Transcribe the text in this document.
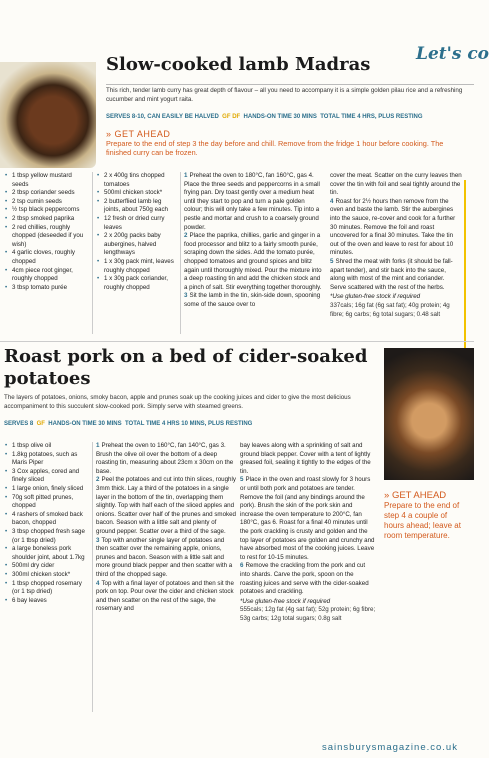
Let's co
Slow-cooked lamb Madras
This rich, tender lamb curry has great depth of flavour – all you need to accompany it is a simple golden pilau rice and a refreshing cucumber and mint yogurt raita.
SERVES 8-10, CAN EASILY BE HALVED GF DF HANDS-ON TIME 30 MINS TOTAL TIME 4 HRS, PLUS RESTING
» GET AHEAD
Prepare to the end of step 3 the day before and chill. Remove from the fridge 1 hour before cooking. The finished curry can be frozen.
• 1 tbsp yellow mustard seeds
• 2 tbsp coriander seeds
• 2 tsp cumin seeds
• ½ tsp black peppercorns
• 2 tbsp smoked paprika
• 2 red chillies, roughly chopped (deseeded if you wish)
• 4 garlic cloves, roughly chopped
• 4cm piece root ginger, roughly chopped
• 3 tbsp tomato purée
• 2 x 400g tins chopped tomatoes
• 500ml chicken stock*
• 2 butterflied lamb leg joints, about 750g each
• 12 fresh or dried curry leaves
• 2 x 200g packs baby aubergines, halved lengthways
• 1 x 30g pack mint, leaves roughly chopped
• 1 x 30g pack coriander, roughly chopped
1 Preheat the oven to 180°C, fan 160°C, gas 4. Place the three seeds and peppercorns in a small frying pan. Dry toast gently over a medium heat until they start to pop and turn a pale golden colour; this will only take a few minutes. Tip into a pestle and mortar and crush to a coarsely ground powder.
2 Place the paprika, chillies, garlic and ginger in a food processor and blitz to a fairly smooth purée, scraping down the sides. Add the tomato purée, chopped tomatoes and ground spices and blitz again until thoroughly mixed. Pour the mixture into a deep roasting tin and add the chicken stock and a pinch of salt. Stir everything together thoroughly.
3 Sit the lamb in the tin, skin-side down, spooning some of the sauce over to
cover the meat. Scatter on the curry leaves then cover the tin with foil and seal tightly around the tin.
4 Roast for 2½ hours then remove from the oven and baste the lamb. Stir the aubergines into the sauce, re-cover and cook for a further 30 minutes. Remove the foil and roast uncovered for a final 30 minutes. Take the tin out of the oven and leave to rest for about 10 minutes.
5 Shred the meat with forks (it should be fall-apart tender), and stir back into the sauce, along with most of the mint and coriander. Serve scattered with the rest of the herbs.
*Use gluten-free stock if required
337cals; 16g fat (6g sat fat); 40g protein; 4g fibre; 6g carbs; 6g total sugars; 0.48 salt
Roast pork on a bed of cider-soaked potatoes
The layers of potatoes, onions, smoky bacon, apple and prunes soak up the cooking juices and cider to give the most delicious accompaniment to this succulent slow-cooked pork. Simply serve with steamed greens.
SERVES 8 GF HANDS-ON TIME 30 MINS TOTAL TIME 4 HRS 10 MINS, PLUS RESTING
• 1 tbsp olive oil
• 1.8kg potatoes, such as Maris Piper
• 3 Cox apples, cored and finely sliced
• 1 large onion, finely sliced
• 70g soft pitted prunes, chopped
• 4 rashers of smoked back bacon, chopped
• 3 tbsp chopped fresh sage (or 1 tbsp dried)
• a large boneless pork shoulder joint, about 1.7kg
• 500ml dry cider
• 300ml chicken stock*
• 1 tbsp chopped rosemary (or 1 tsp dried)
• 6 bay leaves
1 Preheat the oven to 160°C, fan 140°C, gas 3. Brush the olive oil over the bottom of a deep roasting tin, measuring about 23cm x 30cm on the base.
2 Peel the potatoes and cut into thin slices, roughly 3mm thick. Lay a third of the potatoes in a single layer in the bottom of the tin, overlapping them slightly. Top with half each of the sliced apples and onions. Scatter over half of the prunes and smoked bacon. Season with a little salt and plenty of ground pepper. Scatter over a third of the sage.
3 Top with another single layer of potatoes and then scatter over the remaining apple, onions, prunes and bacon. Season with a little salt and more ground black pepper and then scatter with a third of the chopped sage.
4 Top with a final layer of potatoes and then sit the pork on top. Pour over the cider and chicken stock and then scatter on the rest of the sage, the rosemary and
bay leaves along with a sprinkling of salt and ground black pepper. Cover with a tent of lightly greased foil, sealing it tightly to the edges of the tin.
5 Place in the oven and roast slowly for 3 hours or until both pork and potatoes are tender. Remove the foil (and any bindings around the pork). Brush the skin of the pork skin and increase the oven temperature to 200°C, fan 180°C, gas 6. Roast for a final 40 minutes until the pork crackling is crusty and golden and the top layer of potatoes are golden and crunchy and have absorbed most of the cooking juices. Leave to rest for 10-15 minutes.
6 Remove the crackling from the pork and cut into shards. Carve the pork, spoon on the roasting juices and serve with the cider-soaked potatoes and crackling.
*Use gluten-free stock if required
555cals; 12g fat (4g sat fat); 52g protein; 6g fibre; 53g carbs; 12g total sugars; 0.8g salt
» GET AHEAD
Prepare to the end of step 4 a couple of hours ahead; leave at room temperature.
sainsburysmagazine.co.uk
